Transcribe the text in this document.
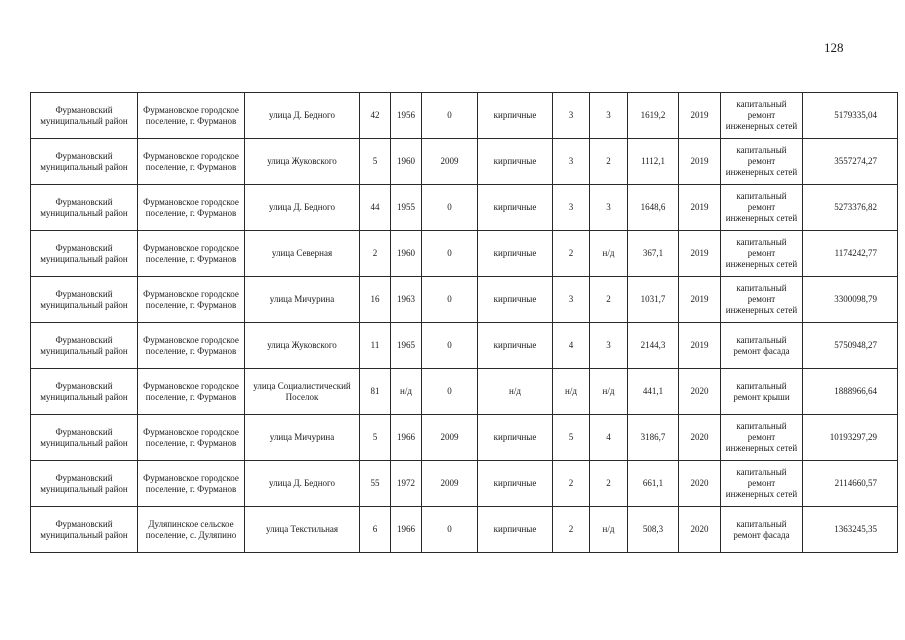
128
Фурмановский муниципальный район	Фурмановское городское поселение, г. Фурманов	улица Д. Бедного	42	1956	0	кирпичные	3	3	1619,2	2019	капитальный ремонт инженерных сетей	5179335,04
Фурмановский муниципальный район	Фурмановское городское поселение, г. Фурманов	улица Жуковского	5	1960	2009	кирпичные	3	2	1112,1	2019	капитальный ремонт инженерных сетей	3557274,27
Фурмановский муниципальный район	Фурмановское городское поселение, г. Фурманов	улица Д. Бедного	44	1955	0	кирпичные	3	3	1648,6	2019	капитальный ремонт инженерных сетей	5273376,82
Фурмановский муниципальный район	Фурмановское городское поселение, г. Фурманов	улица Северная	2	1960	0	кирпичные	2	н/д	367,1	2019	капитальный ремонт инженерных сетей	1174242,77
Фурмановский муниципальный район	Фурмановское городское поселение, г. Фурманов	улица Мичурина	16	1963	0	кирпичные	3	2	1031,7	2019	капитальный ремонт инженерных сетей	3300098,79
Фурмановский муниципальный район	Фурмановское городское поселение, г. Фурманов	улица Жуковского	11	1965	0	кирпичные	4	3	2144,3	2019	капитальный ремонт фасада	5750948,27
Фурмановский муниципальный район	Фурмановское городское поселение, г. Фурманов	улица Социалистический Поселок	81	н/д	0	н/д	н/д	н/д	441,1	2020	капитальный ремонт крыши	1888966,64
Фурмановский муниципальный район	Фурмановское городское поселение, г. Фурманов	улица Мичурина	5	1966	2009	кирпичные	5	4	3186,7	2020	капитальный ремонт инженерных сетей	10193297,29
Фурмановский муниципальный район	Фурмановское городское поселение, г. Фурманов	улица Д. Бедного	55	1972	2009	кирпичные	2	2	661,1	2020	капитальный ремонт инженерных сетей	2114660,57
Фурмановский муниципальный район	Дуляпинское сельское поселение, с. Дуляпино	улица Текстильная	6	1966	0	кирпичные	2	н/д	508,3	2020	капитальный ремонт фасада	1363245,35
